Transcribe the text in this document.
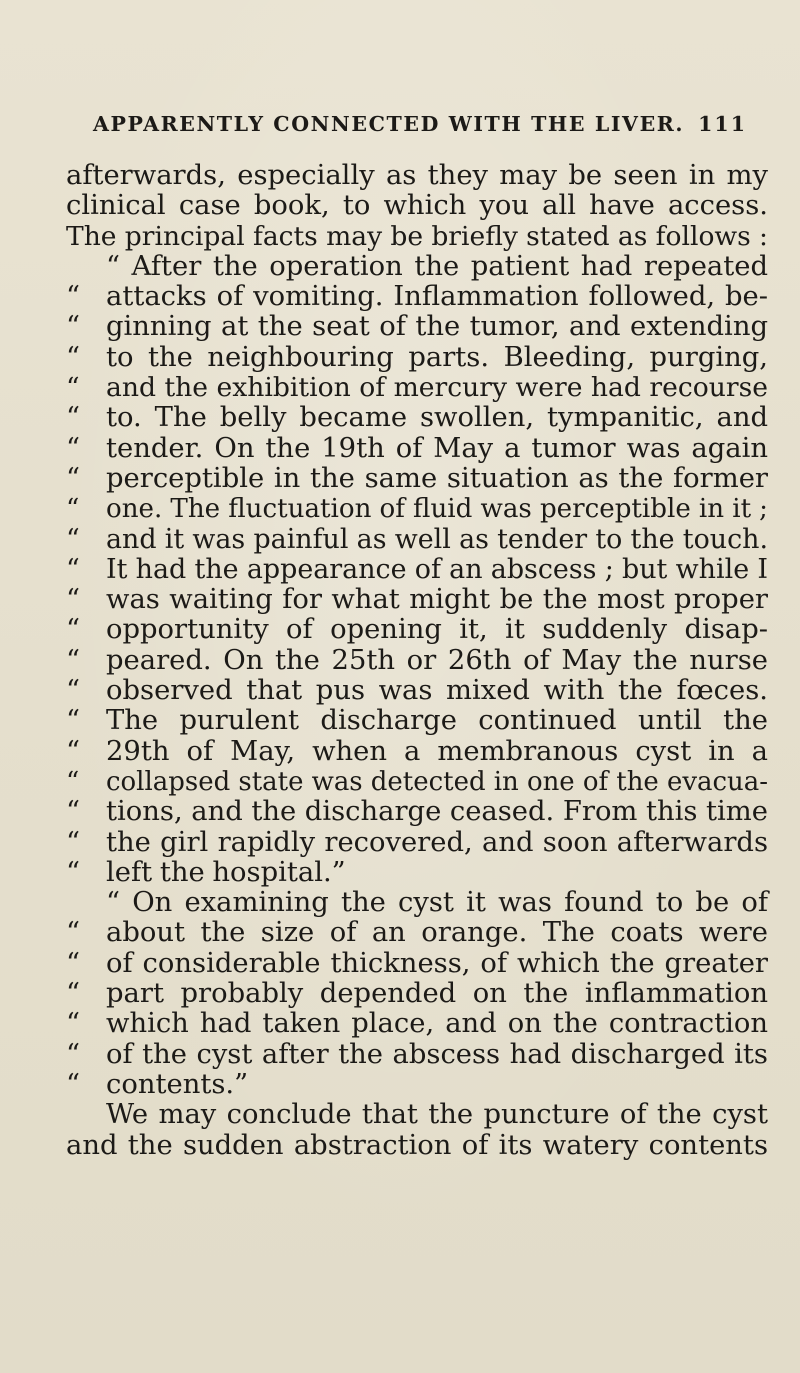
APPARENTLY CONNECTED WITH THE LIVER. 111
afterwards, especially as they may be seen in my
clinical case book, to which you all have access.
The principal facts may be briefly stated as follows :
“ After the operation the patient had repeated
“ attacks of vomiting. Inflammation followed, be-
“ ginning at the seat of the tumor, and extending
“ to the neighbouring parts. Bleeding, purging,
“ and the exhibition of mercury were had recourse
“ to. The belly became swollen, tympanitic, and
“ tender. On the 19th of May a tumor was again
“ perceptible in the same situation as the former
“ one. The fluctuation of fluid was perceptible in it ;
“ and it was painful as well as tender to the touch.
“ It had the appearance of an abscess ; but while I
“ was waiting for what might be the most proper
“ opportunity of opening it, it suddenly disap-
“ peared. On the 25th or 26th of May the nurse
“ observed that pus was mixed with the fœces.
“ The purulent discharge continued until the
“ 29th of May, when a membranous cyst in a
“ collapsed state was detected in one of the evacua-
“ tions, and the discharge ceased. From this time
“ the girl rapidly recovered, and soon afterwards
“ left the hospital.”
“ On examining the cyst it was found to be of
“ about the size of an orange. The coats were
“ of considerable thickness, of which the greater
“ part probably depended on the inflammation
“ which had taken place, and on the contraction
“ of the cyst after the abscess had discharged its
“ contents.”
We may conclude that the puncture of the cyst
and the sudden abstraction of its watery contents
